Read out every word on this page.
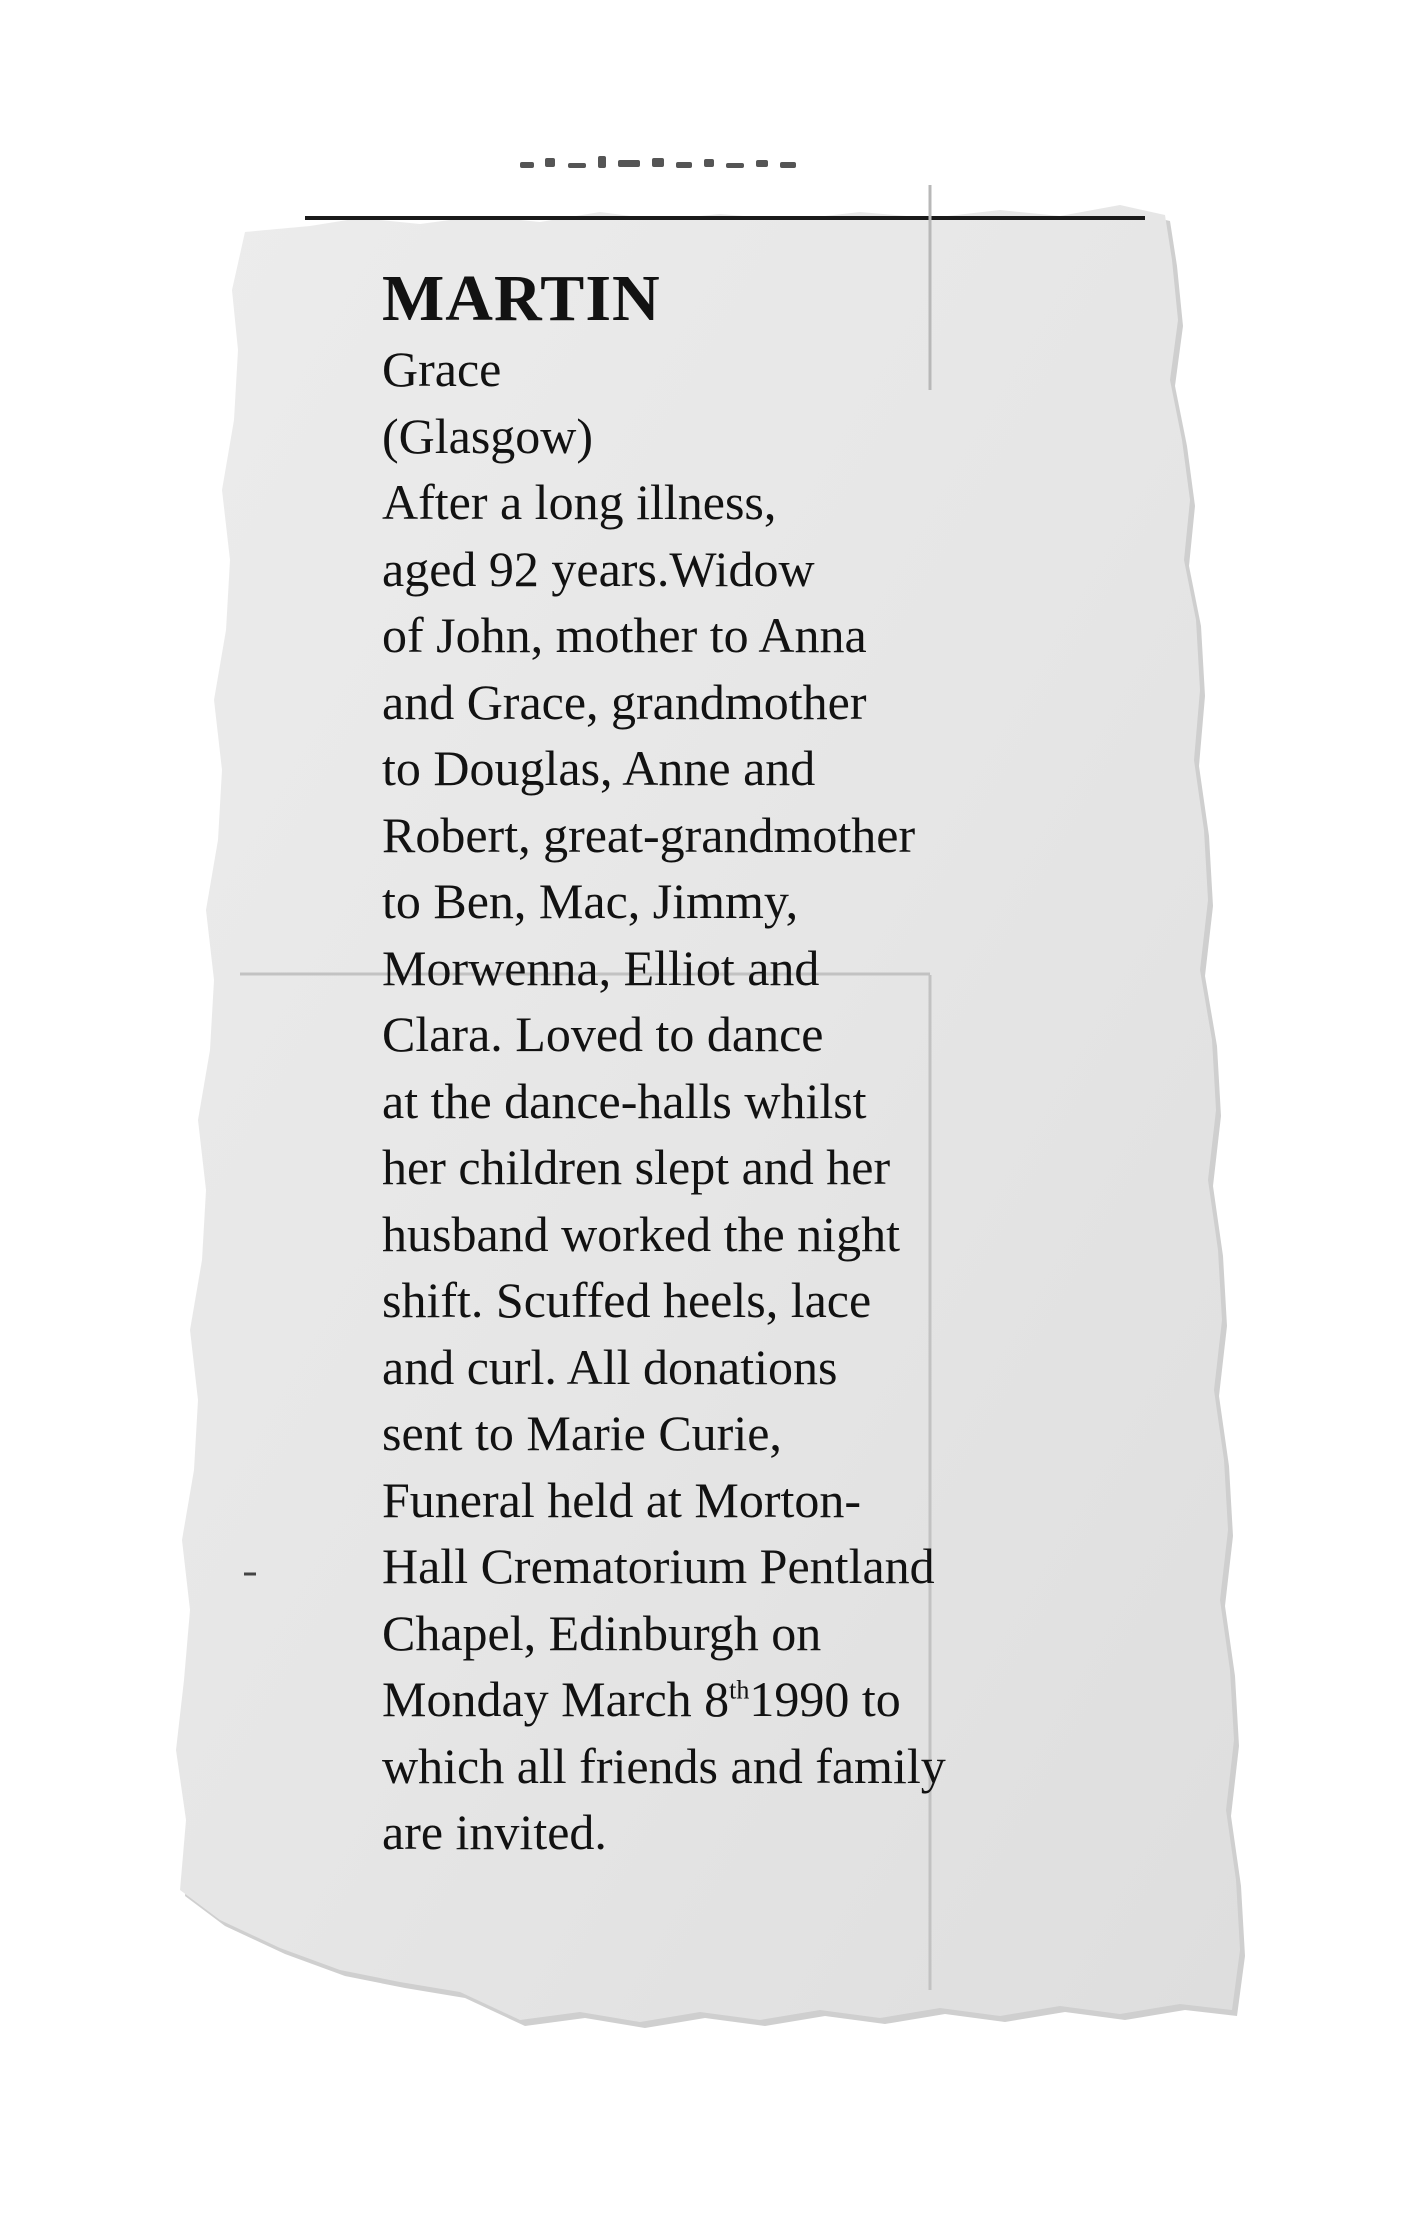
MARTIN

Grace

(Glasgow)

After a long illness,

aged 92 years.Widow

of John, mother to Anna

and Grace, grandmother

to Douglas, Anne and

Robert, great-grandmother

to Ben, Mac, Jimmy,

Morwenna, Elliot and

Clara. Loved to dance

at the dance-halls whilst

her children slept and her

husband worked the night

shift. Scuffed heels, lace

and curl. All donations

sent to Marie Curie,

Funeral held at Morton-

Hall Crematorium Pentland

Chapel, Edinburgh on

Monday March 8th1990 to

which all friends and family

are invited.
